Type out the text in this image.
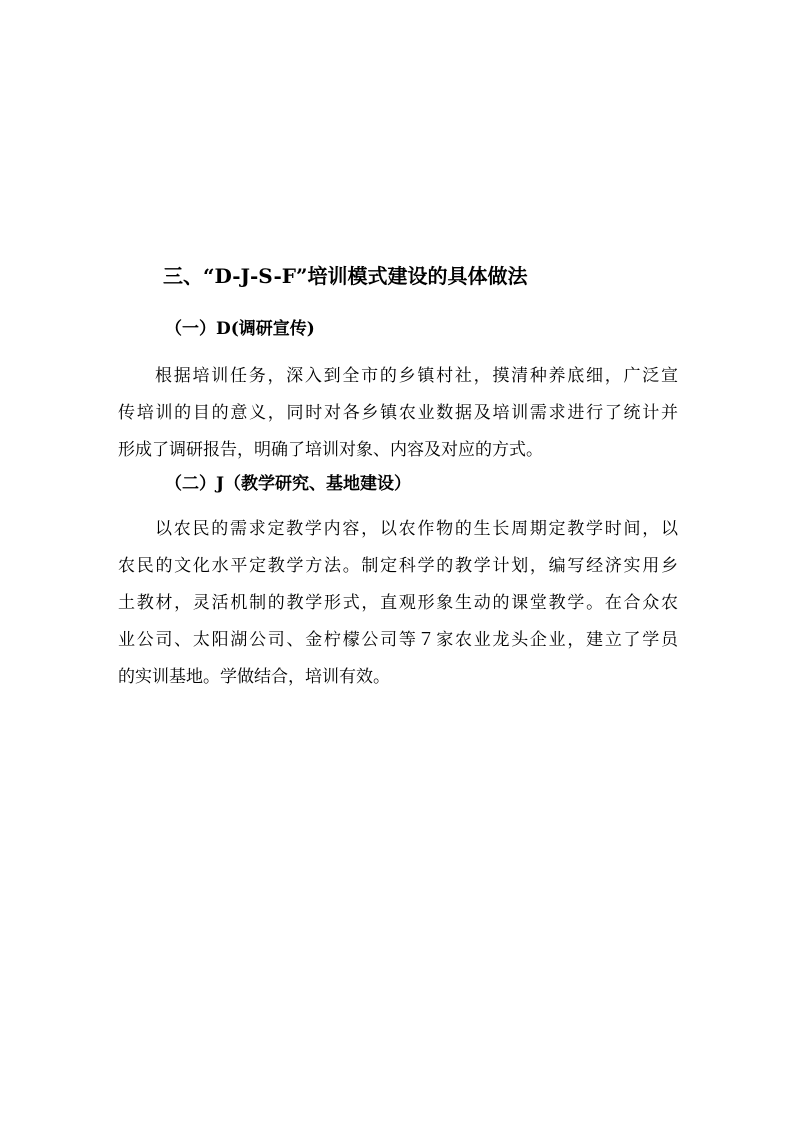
三、“D-J-S-F”培训模式建设的具体做法
（一）D(调研宣传)
根据培训任务，深入到全市的乡镇村社，摸清种养底细，广泛宣
传培训的目的意义，同时对各乡镇农业数据及培训需求进行了统计并
形成了调研报告，明确了培训对象、内容及对应的方式。
（二）J（教学研究、基地建设）
以农民的需求定教学内容，以农作物的生长周期定教学时间，以
农民的文化水平定教学方法。制定科学的教学计划，编写经济实用乡
土教材，灵活机制的教学形式，直观形象生动的课堂教学。在合众农
业公司、太阳湖公司、金柠檬公司等７家农业龙头企业，建立了学员
的实训基地。学做结合，培训有效。
